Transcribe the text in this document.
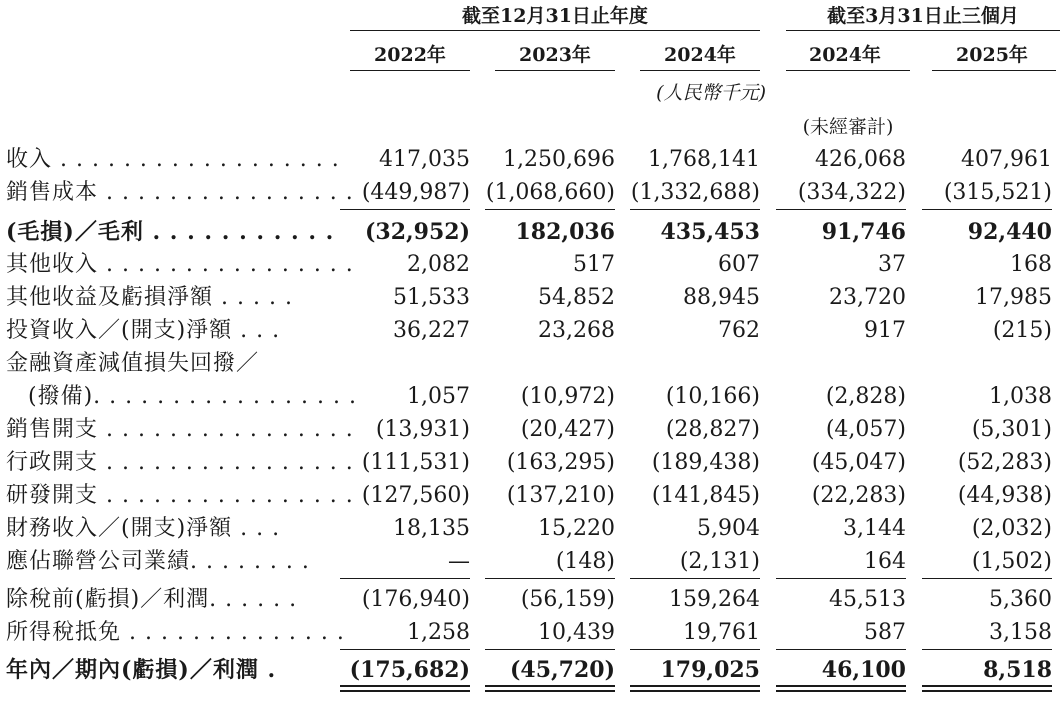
截至12月31日止年度	截至3月31日止三個月
2022年	2023年	2024年	2024年	2025年
(人民幣千元)
(未經審計)
收入 . . . . . . . . . . . . . . . . . .	417,035	1,250,696	1,768,141	426,068	407,961
銷售成本 . . . . . . . . . . . . . . . . (449,987) (1,068,660) (1,332,688)	(334,322)	(315,521)
(毛損)／毛利 . . . . . . . . . . .	(32,952)	182,036	435,453	91,746	92,440
其他收入 . . . . . . . . . . . . . . . .	2,082	517	607	37	168
其他收益及虧損淨額 . . . . .	51,533	54,852	88,945	23,720	17,985
投資收入／(開支)淨額 . . .	36,227	23,268	762	917	(215)
金融資產減值損失回撥／
(撥備). . . . . . . . . . . . . . . . .	1,057	(10,972)	(10,166)	(2,828)	1,038
銷售開支 . . . . . . . . . . . . . . . .	(13,931)	(20,427)	(28,827)	(4,057)	(5,301)
行政開支 . . . . . . . . . . . . . . . . (111,531)	(163,295)	(189,438)	(45,047)	(52,283)
研發開支 . . . . . . . . . . . . . . . . (127,560)	(137,210)	(141,845)	(22,283)	(44,938)
財務收入／(開支)淨額 . . .	18,135	15,220	5,904	3,144	(2,032)
應佔聯營公司業績. . . . . . . .	—	(148)	(2,131)	164	(1,502)
除稅前(虧損)／利潤. . . . . .	(176,940)	(56,159)	159,264	45,513	5,360
所得稅抵免 . . . . . . . . . . . . . .	1,258	10,439	19,761	587	3,158
年內／期內(虧損)／利潤 .	(175,682)	(45,720)	179,025	46,100	8,518
